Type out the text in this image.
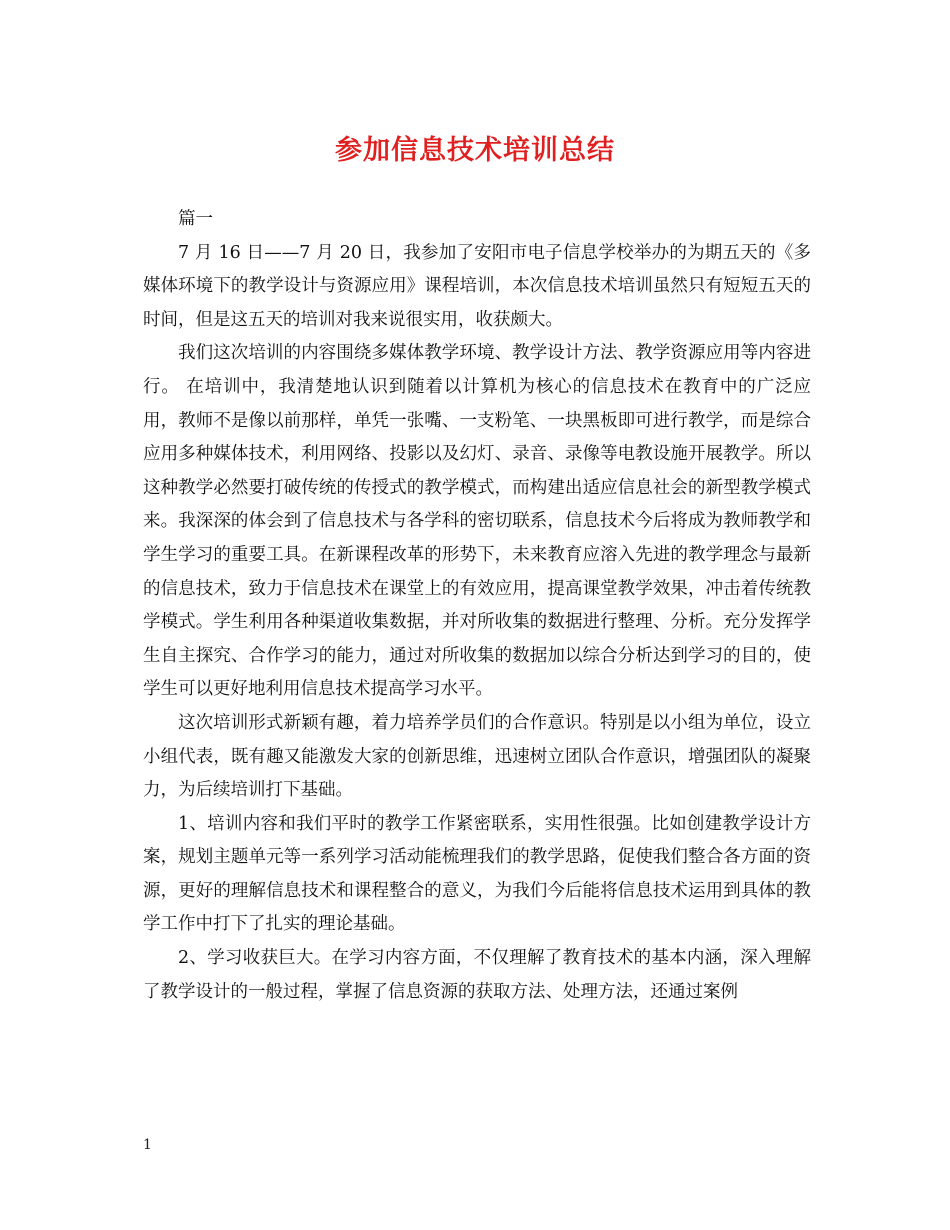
参加信息技术培训总结

篇一

7 月 16 日——7 月 20 日，我参加了安阳市电子信息学校举办的为期五天的《多媒体环境下的教学设计与资源应用》课程培训，本次信息技术培训虽然只有短短五天的时间，但是这五天的培训对我来说很实用，收获颇大。

我们这次培训的内容围绕多媒体教学环境、教学设计方法、教学资源应用等内容进行。 在培训中，我清楚地认识到随着以计算机为核心的信息技术在教育中的广泛应用，教师不是像以前那样，单凭一张嘴、一支粉笔、一块黑板即可进行教学，而是综合应用多种媒体技术，利用网络、投影以及幻灯、录音、录像等电教设施开展教学。所以这种教学必然要打破传统的传授式的教学模式，而构建出适应信息社会的新型教学模式来。我深深的体会到了信息技术与各学科的密切联系，信息技术今后将成为教师教学和学生学习的重要工具。在新课程改革的形势下，未来教育应溶入先进的教学理念与最新的信息技术，致力于信息技术在课堂上的有效应用，提高课堂教学效果，冲击着传统教学模式。学生利用各种渠道收集数据，并对所收集的数据进行整理、分析。充分发挥学生自主探究、合作学习的能力，通过对所收集的数据加以综合分析达到学习的目的，使学生可以更好地利用信息技术提高学习水平。

这次培训形式新颖有趣，着力培养学员们的合作意识。特别是以小组为单位，设立小组代表，既有趣又能激发大家的创新思维，迅速树立团队合作意识，增强团队的凝聚力，为后续培训打下基础。

1、培训内容和我们平时的教学工作紧密联系，实用性很强。比如创建教学设计方案，规划主题单元等一系列学习活动能梳理我们的教学思路，促使我们整合各方面的资源，更好的理解信息技术和课程整合的意义，为我们今后能将信息技术运用到具体的教学工作中打下了扎实的理论基础。

2、学习收获巨大。在学习内容方面，不仅理解了教育技术的基本内涵，深入理解了教学设计的一般过程，掌握了信息资源的获取方法、处理方法，还通过案例

1
